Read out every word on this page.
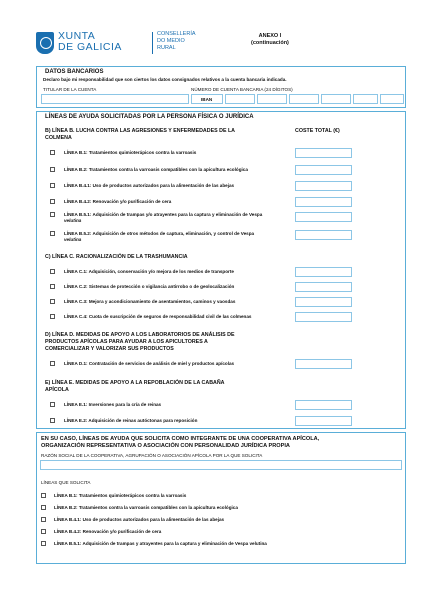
XUNTA
DE GALICIA
CONSELLERÍA
DO MEDIO
RURAL
ANEXO I
(continuación)
DATOS BANCARIOS
Declaro bajo mi responsabilidad que son ciertos los datos consignados relativos a la cuenta bancaria indicada.
TITULAR DE LA CUENTA	NÚMERO DE CUENTA BANCARIA (24 DÍGITOS)
IBAN
LÍNEAS DE AYUDA SOLICITADAS POR LA PERSONA FÍSICA O JURÍDICA
B) LÍNEA B. LUCHA CONTRA LAS AGRESIONES Y ENFERMEDADES DE LA
COLMENA
COSTE TOTAL (€)
LÍNEA B.1: Tratamientos quimioterápicos contra la varroasis
LÍNEA B.2: Tratamientos contra la varroasis compatibles con la apicultura ecológica
LÍNEA B.4.1: Uso de productos autorizados para la alimentación de las abejas
LÍNEA B.4.2: Renovación y/o purificación de cera
LÍNEA B.5.1: Adquisición de trampas y/o atrayentes para la captura y eliminación de Vespa
velutina
LÍNEA B.5.2: Adquisición de otros métodos de captura, eliminación, y control de Vespa
velutina
C) LÍNEA C. RACIONALIZACIÓN DE LA TRASHUMANCIA
LÍNEA C.1: Adquisición, conservación y/o mejora de los medios de transporte
LÍNEA C.2: Sistemas de protección o vigilancia antirrobo o de geolocalización
LÍNEA C.3: Mejora y acondicionamiento de asentamientos, caminos y vaosdas
LÍNEA C.4: Cuota de suscripción de seguros de responsabilidad civil de las colmenas
D) LÍNEA D. MEDIDAS DE APOYO A LOS LABORATORIOS DE ANÁLISIS DE
PRODUCTOS APÍCOLAS PARA AYUDAR A LOS APICULTORES A
COMERCIALIZAR Y VALORIZAR SUS PRODUCTOS
LÍNEA D.1: Contratación de servicios de análisis de miel y productos apícolas
E) LÍNEA E. MEDIDAS DE APOYO A LA REPOBLACIÓN DE LA CABAÑA
APÍCOLA
LÍNEA E.1: Inversiones para la cría de reinas
LÍNEA E.2: Adquisición de reinas autóctonas para reposición
EN SU CASO, LÍNEAS DE AYUDA QUE SOLICITA COMO INTEGRANTE DE UNA COOPERATIVA APÍCOLA,
ORGANIZACIÓN REPRESENTATIVA O ASOCIACIÓN CON PERSONALIDAD JURÍDICA PROPIA
RAZÓN SOCIAL DE LA COOPERATIVA, AGRUPACIÓN O ASOCIACIÓN APÍCOLA POR LA QUE SOLICITA
LÍNEAS QUE SOLICITA
LÍNEA B.1: Tratamientos quimioterápicos contra la varroasis
LÍNEA B.2: Tratamientos contra la varroasis compatibles con la apicultura ecológica
LÍNEA B.4.1: Uso de productos autorizados para la alimentación de las abejas
LÍNEA B.4.2: Renovación y/o purificación de cera
LÍNEA B.5.1: Adquisición de trampas y atrayentes para la captura y eliminación de Vespa velutina
